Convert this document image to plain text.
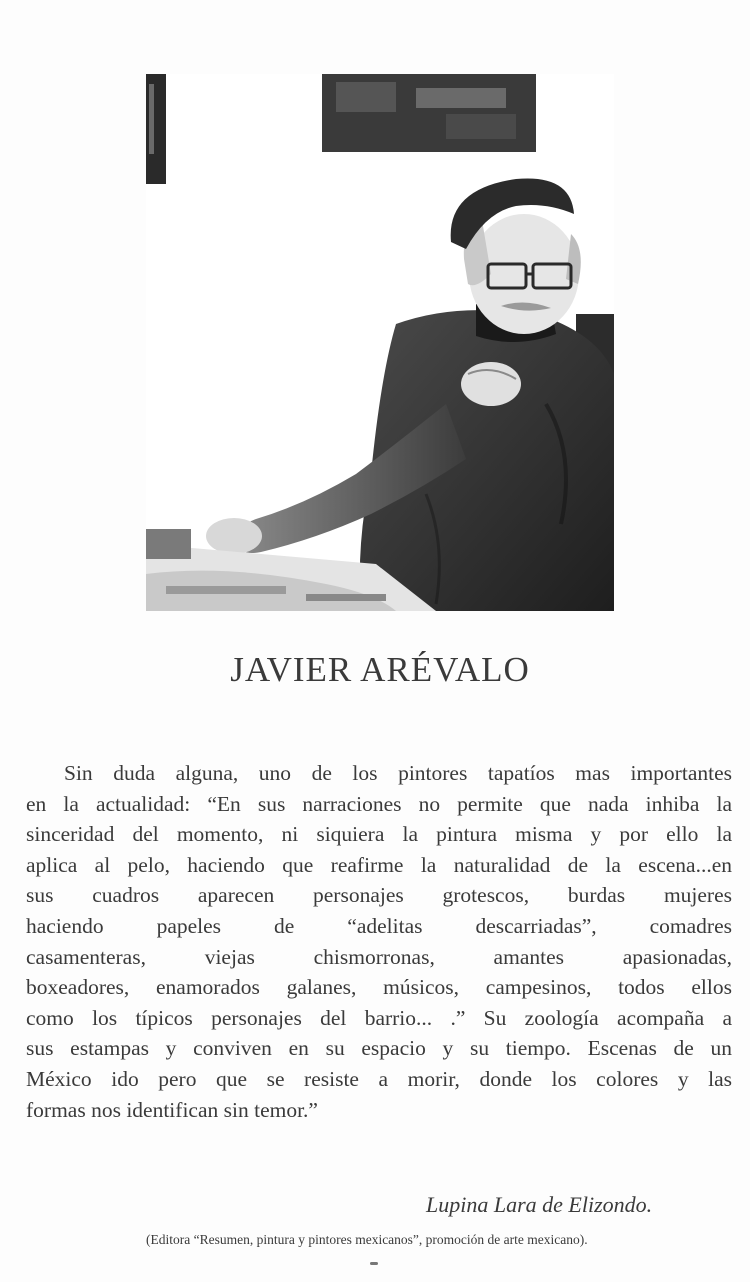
JAVIER ARÉVALO
Sin duda alguna, uno de los pintores tapatíos mas importantes
en la actualidad: “En sus narraciones no permite que nada inhiba la
sinceridad del momento, ni siquiera la pintura misma y por ello la
aplica al pelo, haciendo que reafirme la naturalidad de la escena...en
sus cuadros aparecen personajes grotescos, burdas mujeres
haciendo papeles de “adelitas descarriadas”, comadres
casamenteras, viejas chismorronas, amantes apasionadas,
boxeadores, enamorados galanes, músicos, campesinos, todos ellos
como los típicos personajes del barrio... .” Su zoología acompaña a
sus estampas y conviven en su espacio y su tiempo. Escenas de un
México ido pero que se resiste a morir, donde los colores y las
formas nos identifican sin temor.”
Lupina Lara de Elizondo.
(Editora “Resumen, pintura y pintores mexicanos”, promoción de arte mexicano).
